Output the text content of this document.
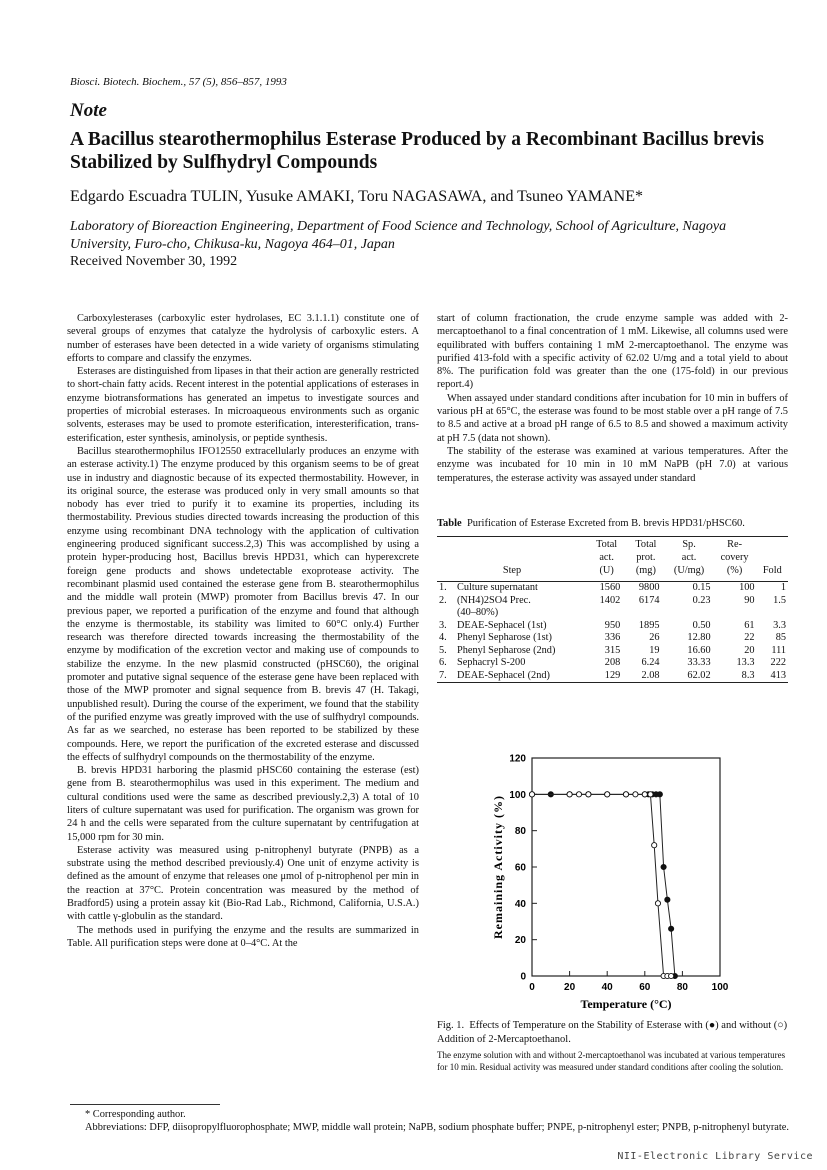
Biosci. Biotech. Biochem., 57 (5), 856–857, 1993
Note
A Bacillus stearothermophilus Esterase Produced by a Recombinant Bacillus brevis
Stabilized by Sulfhydryl Compounds
Edgardo Escuadra TULIN, Yusuke AMAKI, Toru NAGASAWA, and Tsuneo YAMANE*
Laboratory of Bioreaction Engineering, Department of Food Science and Technology, School of Agriculture, Nagoya
University, Furo-cho, Chikusa-ku, Nagoya 464–01, Japan
Received November 30, 1992

Carboxylesterases (carboxylic ester hydrolases, EC 3.1.1.1) constitute one of several groups of enzymes that catalyze the hydrolysis of carboxylic esters. A number of esterases have been detected in a wide variety of organisms stimulating efforts to compare and classify the enzymes.

Esterases are distinguished from lipases in that their action are generally restricted to short-chain fatty acids. Recent interest in the potential applications of esterases in enzyme biotransformations has generated an impetus to investigate sources and properties of microbial esterases. In microaqueous environments such as organic solvents, esterases may be used to promote esterification, interesterification, trans-esterification, ester synthesis, aminolysis, or peptide synthesis.

Bacillus stearothermophilus IFO12550 extracellularly produces an enzyme with an esterase activity.1) The enzyme produced by this organism seems to be of great use in industry and diagnostic because of its expected thermostability. However, in its original source, the esterase was produced only in very small amounts so that nobody has ever tried to purify it to examine its properties, including its thermostability. Previous studies directed towards increasing the production of this enzyme using recombinant DNA technology with the application of cultivation engineering produced significant success.2,3) This was accomplished by using a protein hyper-producing host, Bacillus brevis HPD31, which can hyperexcrete foreign gene products and shows undetectable exoprotease activity. The recombinant plasmid used contained the esterase gene from B. stearothermophilus and the middle wall protein (MWP) promoter from Bacillus brevis 47. In our previous paper, we reported a purification of the enzyme and found that although the enzyme is thermostable, its stability was limited to 60°C only.4) Further research was therefore directed towards increasing the thermostability of the enzyme by modification of the excretion vector and making use of compounds to stabilize the enzyme. In the new plasmid constructed (pHSC60), the original promoter and putative signal sequence of the esterase gene have been replaced with those of the MWP promoter and signal sequence from B. brevis 47 (H. Takagi, unpublished result). During the course of the experiment, we found that the stability of the purified enzyme was greatly improved with the use of sulfhydryl compounds. As far as we searched, no esterase has been reported to be stabilized by these compounds. Here, we report the purification of the excreted esterase and discussed the effects of sulfhydryl compounds on the thermostability of the enzyme.

B. brevis HPD31 harboring the plasmid pHSC60 containing the esterase (est) gene from B. stearothermophilus was used in this experiment. The medium and cultural conditions used were the same as described previously.2,3) A total of 10 liters of culture supernatant was used for purification. The organism was grown for 24 h and the cells were separated from the culture supernatant by centrifugation at 15,000 rpm for 30 min.

Esterase activity was measured using p-nitrophenyl butyrate (PNPB) as a substrate using the method described previously.4) One unit of enzyme activity is defined as the amount of enzyme that releases one μmol of p-nitrophenol per min in the reaction at 37°C. Protein concentration was measured by the method of Bradford5) using a protein assay kit (Bio-Rad Lab., Richmond, California, U.S.A.) with cattle γ-globulin as the standard.

The methods used in purifying the enzyme and the results are summarized in Table. All purification steps were done at 0–4°C. At the

start of column fractionation, the crude enzyme sample was added with 2-mercaptoethanol to a final concentration of 1 mM. Likewise, all columns used were equilibrated with buffers containing 1 mM 2-mercaptoethanol. The enzyme was purified 413-fold with a specific activity of 62.02 U/mg and a total yield to about 8%. The purification fold was greater than the one (175-fold) in our previous report.4)

When assayed under standard conditions after incubation for 10 min in buffers of various pH at 65°C, the esterase was found to be most stable over a pH range of 7.5 to 8.5 and active at a broad pH range of 6.5 to 8.5 and showed a maximum activity at pH 7.5 (data not shown).

The stability of the esterase was examined at various temperatures. After the enzyme was incubated for 10 min in 10 mM NaPB (pH 7.0) at various temperatures, the esterase activity was assayed under standard

Table Purification of Esterase Excreted from B. brevis HPD31/pHSC60.
Step		Total
act.
(U)	Total
prot.
(mg)	Sp.
act.
(U/mg)	Re-
covery
(%)	Fold

1.	Culture supernatant	1560	9800	0.15	100	1
2.	(NH4)2SO4 Prec.	1402	6174	0.23	90	1.5
	(40–80%)					
3.	DEAE-Sephacel (1st)	950	1895	0.50	61	3.3
4.	Phenyl Sepharose (1st)	336	26	12.80	22	85
5.	Phenyl Sepharose (2nd)	315	19	16.60	20	111
6.	Sephacryl S-200	208	6.24	33.33	13.3	222
7.	DEAE-Sephacel (2nd)	129	2.08	62.02	8.3	413
0
20
40
60
80
100
120
0	20	40	60	80 100
Temperature (°C)
Remaining Activity (%)
Fig. 1. Effects of Temperature on the Stability of Esterase with (●) and without (○) Addition of 2-Mercaptoethanol.
The enzyme solution with and without 2-mercaptoethanol was incubated at various temperatures for 10 min. Residual activity was measured under standard conditions after cooling the solution.
* Corresponding author.
Abbreviations: DFP, diisopropylfluorophosphate; MWP, middle wall protein; NaPB, sodium phosphate buffer; PNPE, p-nitrophenyl ester; PNPB, p-nitrophenyl butyrate.
NII-Electronic Library Service
